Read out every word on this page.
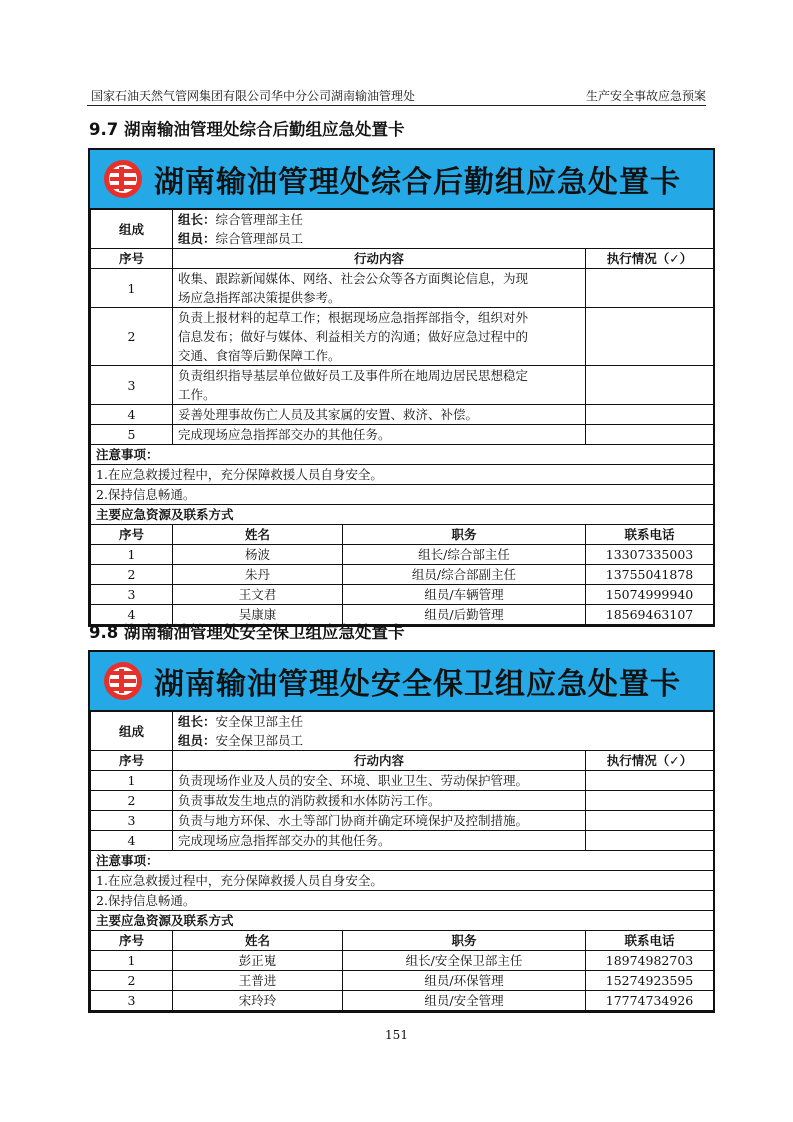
国家石油天然气管网集团有限公司华中分公司湖南输油管理处	生产安全事故应急预案
9.7 湖南输油管理处综合后勤组应急处置卡
湖南输油管理处综合后勤组应急处置卡
组成	组长：综合管理部主任
组员：综合管理部员工		

序号	行动内容		执行情况（✓）
1	收集、跟踪新闻媒体、网络、社会公众等各方面舆论信息，为现
场应急指挥部决策提供参考。		

2	负责上报材料的起草工作；根据现场应急指挥部指令，组织对外
信息发布；做好与媒体、利益相关方的沟通；做好应急过程中的
交通、食宿等后勤保障工作。		

3	负责组织指导基层单位做好员工及事件所在地周边居民思想稳定
工作。		

4	妥善处理事故伤亡人员及其家属的安置、救济、补偿。		

5	完成现场应急指挥部交办的其他任务。		

注意事项：			
1.在应急救援过程中，充分保障救援人员自身安全。			
2.保持信息畅通。			
主要应急资源及联系方式			
序号	姓名	职务	联系电话
1	杨波	组长/综合部主任	13307335003
2	朱丹	组员/综合部副主任	13755041878
3	王文君	组员/车辆管理	15074999940
4	吴康康	组员/后勤管理	18569463107
9.8 湖南输油管理处安全保卫组应急处置卡
湖南输油管理处安全保卫组应急处置卡
组成	组长：安全保卫部主任
组员：安全保卫部员工		

序号	行动内容		执行情况（✓）
1	负责现场作业及人员的安全、环境、职业卫生、劳动保护管理。		

2	负责事故发生地点的消防救援和水体防污工作。		

3	负责与地方环保、水土等部门协商并确定环境保护及控制措施。		

4	完成现场应急指挥部交办的其他任务。		

注意事项：			
1.在应急救援过程中，充分保障救援人员自身安全。			
2.保持信息畅通。			
主要应急资源及联系方式			
序号	姓名	职务	联系电话
1	彭正嵬	组长/安全保卫部主任	18974982703
2	王普进	组员/环保管理	15274923595
3	宋玲玲	组员/安全管理	17774734926
151
